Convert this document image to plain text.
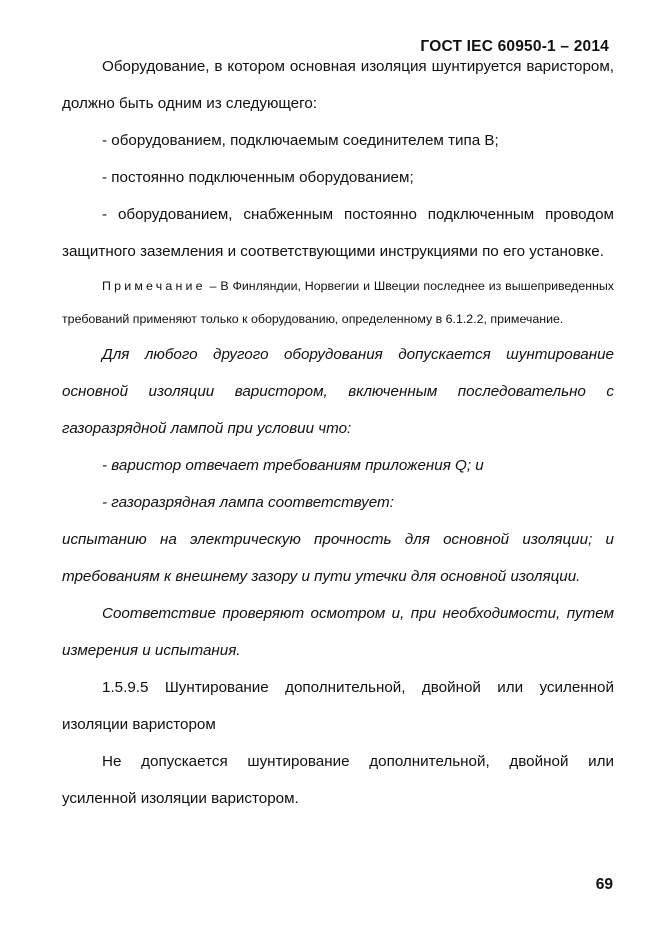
ГОСТ IEC 60950-1 – 2014

Оборудование, в котором основная изоляция шунтируется варистором, должно быть одним из следующего:

- оборудованием, подключаемым соединителем типа В;

- постоянно подключенным оборудованием;

- оборудованием, снабженным постоянно подключенным проводом защитного заземления и соответствующими инструкциями по его установке.

Примечание – В Финляндии, Норвегии и Швеции последнее из вышеприведенных требований применяют только к оборудованию, определенному в 6.1.2.2, примечание.

Для любого другого оборудования допускается шунтирование основной изоляции варистором, включенным последовательно с газоразрядной лампой при условии что:

- варистор отвечает требованиям приложения Q; и

- газоразрядная лампа соответствует:

испытанию на электрическую прочность для основной изоляции; и требованиям к внешнему зазору и пути утечки для основной изоляции.

Соответствие проверяют осмотром и, при необходимости, путем измерения и испытания.

1.5.9.5 Шунтирование дополнительной, двойной или усиленной изоляции варистором

Не допускается шунтирование дополнительной, двойной или усиленной изоляции варистором.

69
